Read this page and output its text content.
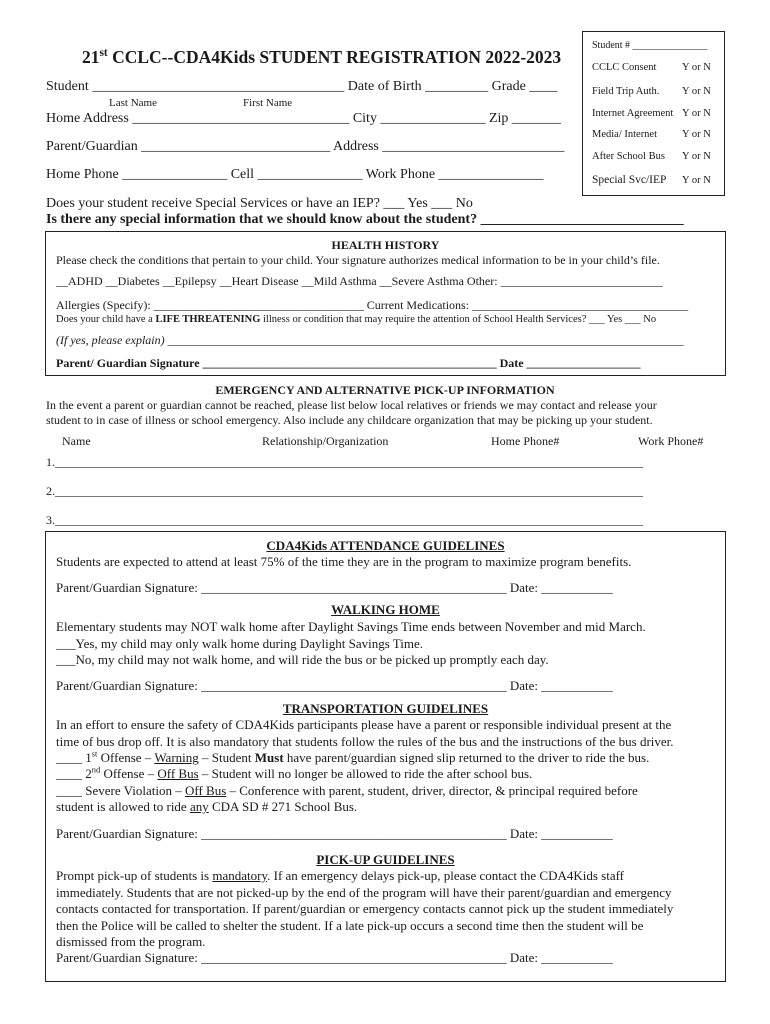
21st CCLC--CDA4Kids STUDENT REGISTRATION 2022-2023
Student # _______________
CCLC Consent Y or N
Field Trip Auth. Y or N
Internet Agreement Y or N
Media/ Internet Y or N
After School Bus Y or N
Special Svc/IEP Y or N
Student ____________________________________ Date of Birth _________ Grade ____
Last Name	First Name
Home Address _______________________________ City _______________ Zip _______
Parent/Guardian ___________________________ Address __________________________
Home Phone _______________ Cell _______________ Work Phone _______________
Does your student receive Special Services or have an IEP? ___ Yes ___ No
Is there any special information that we should know about the student? _____________________________
HEALTH HISTORY
Please check the conditions that pertain to your child. Your signature authorizes medical information to be in your child’s file.
__ADHD __Diabetes __Epilepsy __Heart Disease __Mild Asthma __Severe Asthma Other: ___________________________
Allergies (Specify): ___________________________________ Current Medications: ____________________________________
Does your child have a LIFE THREATENING illness or condition that may require the attention of School Health Services? ___ Yes ___ No
(If yes, please explain) ______________________________________________________________________________________
Parent/ Guardian Signature _________________________________________________ Date ___________________
EMERGENCY AND ALTERNATIVE PICK-UP INFORMATION
In the event a parent or guardian cannot be reached, please list below local relatives or friends we may contact and release your
student to in case of illness or school emergency. Also include any childcare organization that may be picking up your student.
Name	Relationship/Organization	Home Phone#	Work Phone#
1.__________________________________________________________________________________________________
2.__________________________________________________________________________________________________
3.__________________________________________________________________________________________________
CDA4Kids ATTENDANCE GUIDELINES
Students are expected to attend at least 75% of the time they are in the program to maximize program benefits.
Parent/Guardian Signature: _______________________________________________ Date: ___________
WALKING HOME
Elementary students may NOT walk home after Daylight Savings Time ends between November and mid March.
___Yes, my child may only walk home during Daylight Savings Time.
___No, my child may not walk home, and will ride the bus or be picked up promptly each day.
Parent/Guardian Signature: _______________________________________________ Date: ___________
TRANSPORTATION GUIDELINES
In an effort to ensure the safety of CDA4Kids participants please have a parent or responsible individual present at the
time of bus drop off. It is also mandatory that students follow the rules of the bus and the instructions of the bus driver.
____ 1st Offense – Warning – Student Must have parent/guardian signed slip returned to the driver to ride the bus.
____ 2nd Offense – Off Bus – Student will no longer be allowed to ride the after school bus.
____ Severe Violation – Off Bus – Conference with parent, student, driver, director, & principal required before
student is allowed to ride any CDA SD # 271 School Bus.
Parent/Guardian Signature: _______________________________________________ Date: ___________
PICK-UP GUIDELINES
Prompt pick-up of students is mandatory. If an emergency delays pick-up, please contact the CDA4Kids staff
immediately. Students that are not picked-up by the end of the program will have their parent/guardian and emergency
contacts contacted for transportation. If parent/guardian or emergency contacts cannot pick up the student immediately
then the Police will be called to shelter the student. If a late pick-up occurs a second time then the student will be
dismissed from the program.
Parent/Guardian Signature: _______________________________________________ Date: ___________
